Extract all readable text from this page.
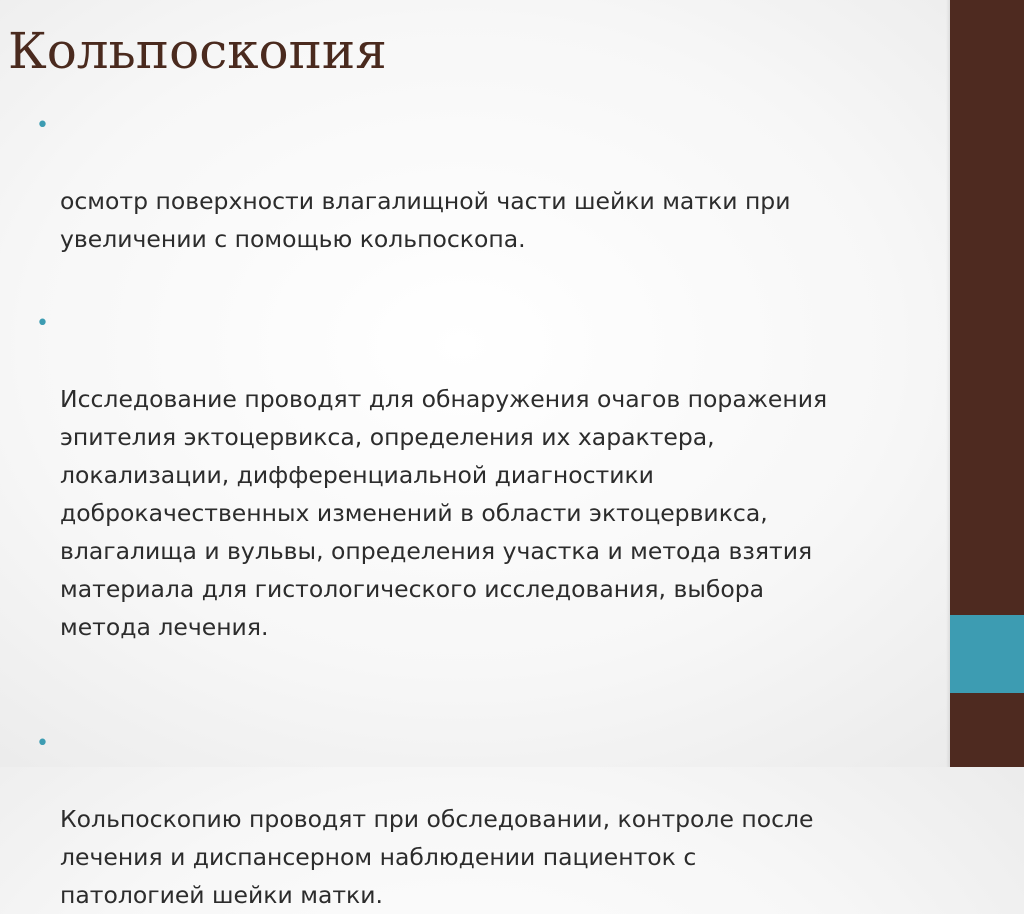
Кольпоскопия

•

осмотр поверхности влагалищной части шейки матки при
увеличении с помощью кольпоскопа.

•

Исследование проводят для обнаружения очагов поражения
эпителия эктоцервикса, определения их характера,
локализации, дифференциальной диагностики
доброкачественных изменений в области эктоцервикса,
влагалища и вульвы, определения участка и метода взятия
материала для гистологического исследования, выбора
метода лечения.

•

Кольпоскопию проводят при обследовании, контроле после
лечения и диспансерном наблюдении пациенток с
патологией шейки матки.
